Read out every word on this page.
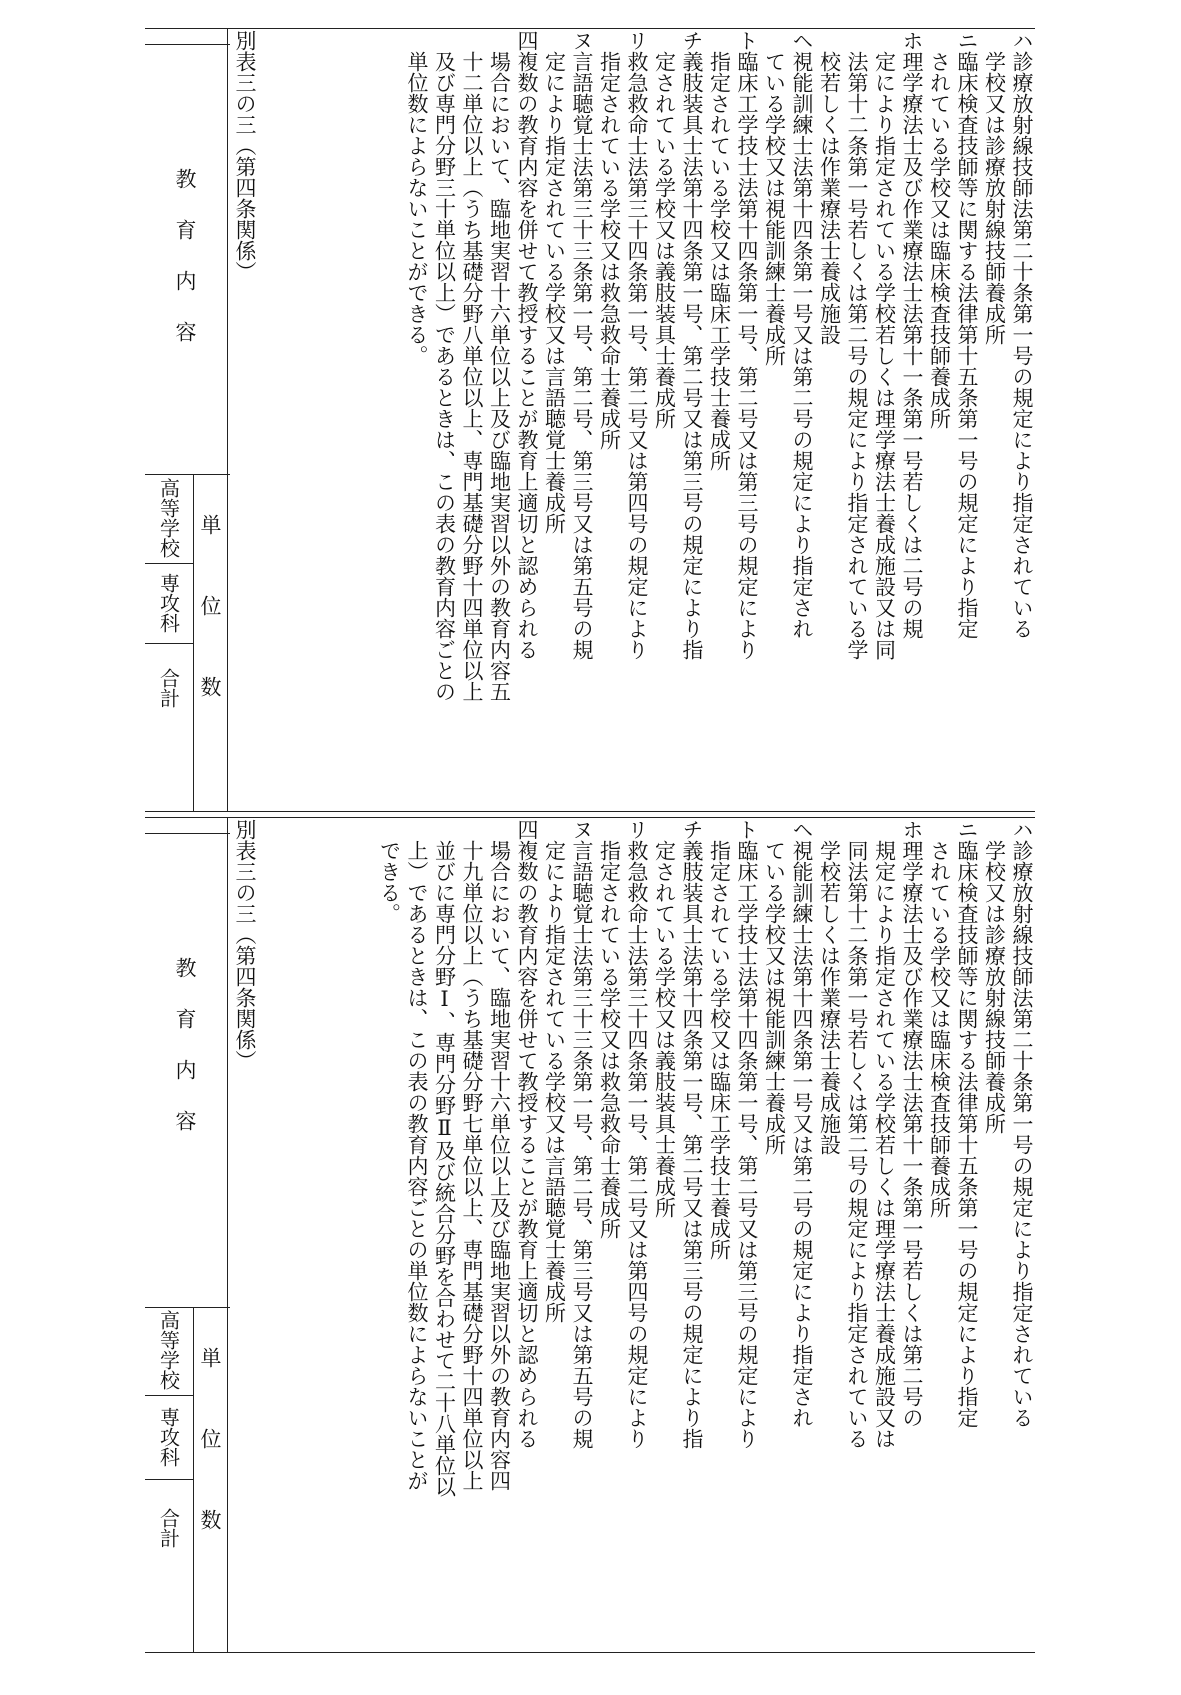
教育内容
単位数
高等学校
専攻科
合計
別表三の三（第四条関係）	ハ
診療放射線技師法第二十条第一号の規定により指定されている
学校又は診療放射線技師養成所
ニ
臨床検査技師等に関する法律第十五条第一号の規定により指定
されている学校又は臨床検査技師養成所
ホ
理学療法士及び作業療法士法第十一条第一号若しくは二号の規
定により指定されている学校若しくは理学療法士養成施設又は同
法第十二条第一号若しくは第二号の規定により指定されている学
校若しくは作業療法士養成施設
ヘ
視能訓練士法第十四条第一号又は第二号の規定により指定され
ている学校又は視能訓練士養成所
ト
臨床工学技士法第十四条第一号、第二号又は第三号の規定により
指定されている学校又は臨床工学技士養成所
チ
義肢装具士法第十四条第一号、第二号又は第三号の規定により指
定されている学校又は義肢装具士養成所
リ
救急救命士法第三十四条第一号、第二号又は第四号の規定により
指定されている学校又は救急救命士養成所
ヌ
言語聴覚士法第三十三条第一号、第二号、第三号又は第五号の規
定により指定されている学校又は言語聴覚士養成所
四
複数の教育内容を併せて教授することが教育上適切と認められる
場合において、臨地実習十六単位以上及び臨地実習以外の教育内容五
十二単位以上（うち基礎分野八単位以上、専門基礎分野十四単位以上
及び専門分野三十単位以上）であるときは、この表の教育内容ごとの
単位数によらないことができる。
教育内容
単位数
高等学校
専攻科
合計
別表三の三（第四条関係）	ハ
診療放射線技師法第二十条第一号の規定により指定されている
学校又は診療放射線技師養成所
ニ
臨床検査技師等に関する法律第十五条第一号の規定により指定
されている学校又は臨床検査技師養成所
ホ
理学療法士及び作業療法士法第十一条第一号若しくは第二号の
規定により指定されている学校若しくは理学療法士養成施設又は
同法第十二条第一号若しくは第二号の規定により指定されている
学校若しくは作業療法士養成施設
ヘ
視能訓練士法第十四条第一号又は第二号の規定により指定され
ている学校又は視能訓練士養成所
ト
臨床工学技士法第十四条第一号、第二号又は第三号の規定により
指定されている学校又は臨床工学技士養成所
チ
義肢装具士法第十四条第一号、第二号又は第三号の規定により指
定されている学校又は義肢装具士養成所
リ
救急救命士法第三十四条第一号、第二号又は第四号の規定により
指定されている学校又は救急救命士養成所
ヌ
言語聴覚士法第三十三条第一号、第二号、第三号又は第五号の規
定により指定されている学校又は言語聴覚士養成所
四
複数の教育内容を併せて教授することが教育上適切と認められる
場合において、臨地実習十六単位以上及び臨地実習以外の教育内容四
十九単位以上（うち基礎分野七単位以上、専門基礎分野十四単位以上
並びに専門分野Ⅰ、専門分野Ⅱ及び統合分野を合わせて二十八単位以
上）であるときは、この表の教育内容ごとの単位数によらないことが
できる。
